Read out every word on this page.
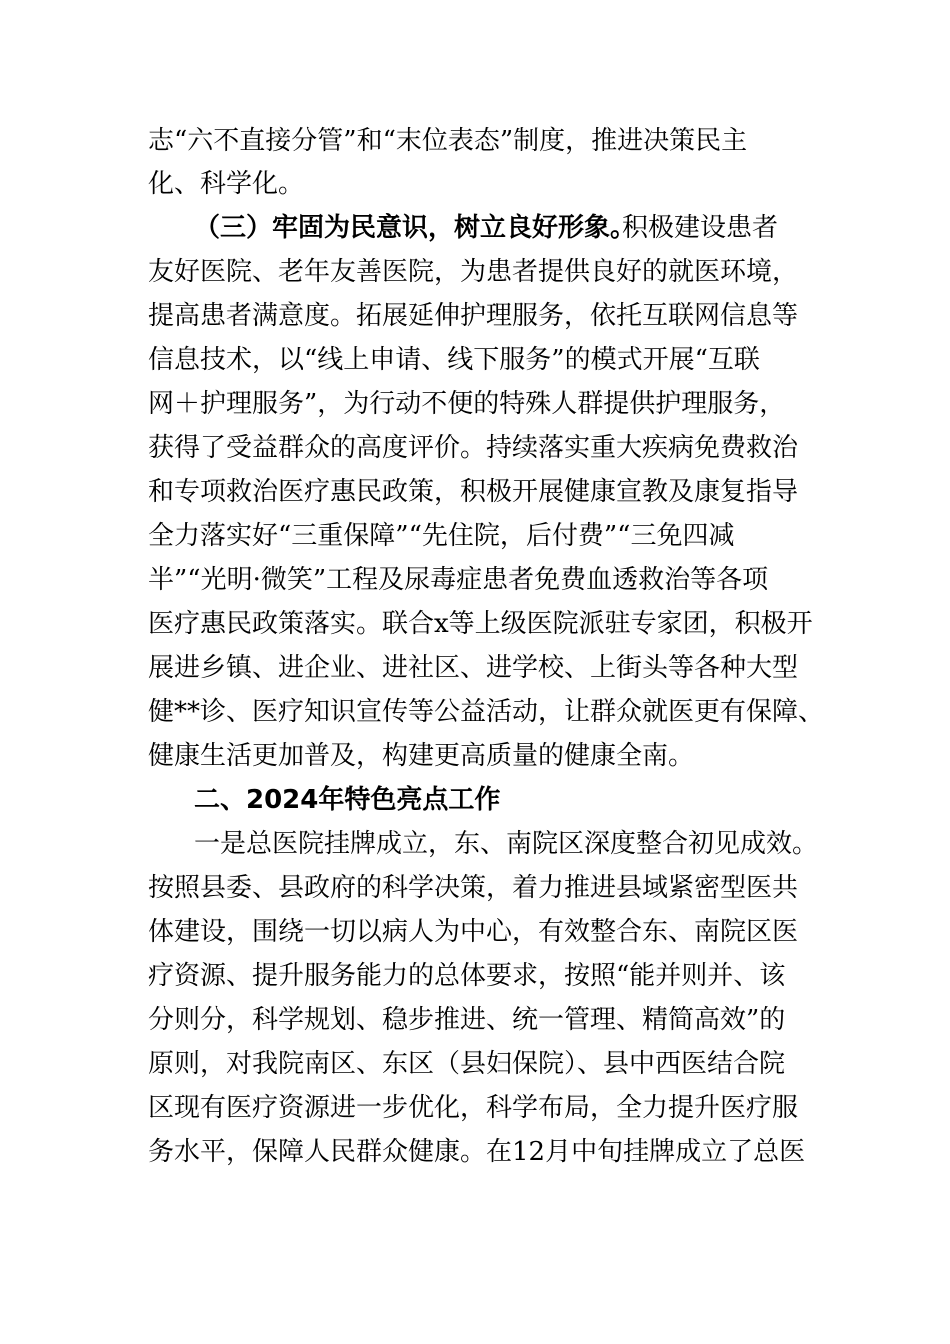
志“六不直接分管”和“末位表态”制度，推进决策民主
化、科学化。
（三）牢固为民意识，树立良好形象。
积极建设患者
友好医院、老年友善医院，为患者提供良好的就医环境，
提高患者满意度。拓展延伸护理服务，依托互联网信息等
信息技术，以“线上申请、线下服务”的模式开展“互联
网＋护理服务”，为行动不便的特殊人群提供护理服务，
获得了受益群众的高度评价。持续落实重大疾病免费救治
和专项救治医疗惠民政策，积极开展健康宣教及康复指导
全力落实好“三重保障”“先住院，后付费”“三免四减
半”“光明·微笑”工程及尿毒症患者免费血透救治等各项
医疗惠民政策落实。联合x等上级医院派驻专家团，积极开
展进乡镇、进企业、进社区、进学校、上街头等各种大型
健**诊、医疗知识宣传等公益活动，让群众就医更有保障、
健康生活更加普及，构建更高质量的健康全南。
二、2024年特色亮点工作
一是总医院挂牌成立，东、南院区深度整合初见成效。
按照县委、县政府的科学决策，着力推进县域紧密型医共
体建设，围绕一切以病人为中心，有效整合东、南院区医
疗资源、提升服务能力的总体要求，按照“能并则并、该
分则分，科学规划、稳步推进、统一管理、精简高效”的
原则，对我院南区、东区（县妇保院）、县中西医结合院
区现有医疗资源进一步优化，科学布局，全力提升医疗服
务水平，保障人民群众健康。在12月中旬挂牌成立了总医
